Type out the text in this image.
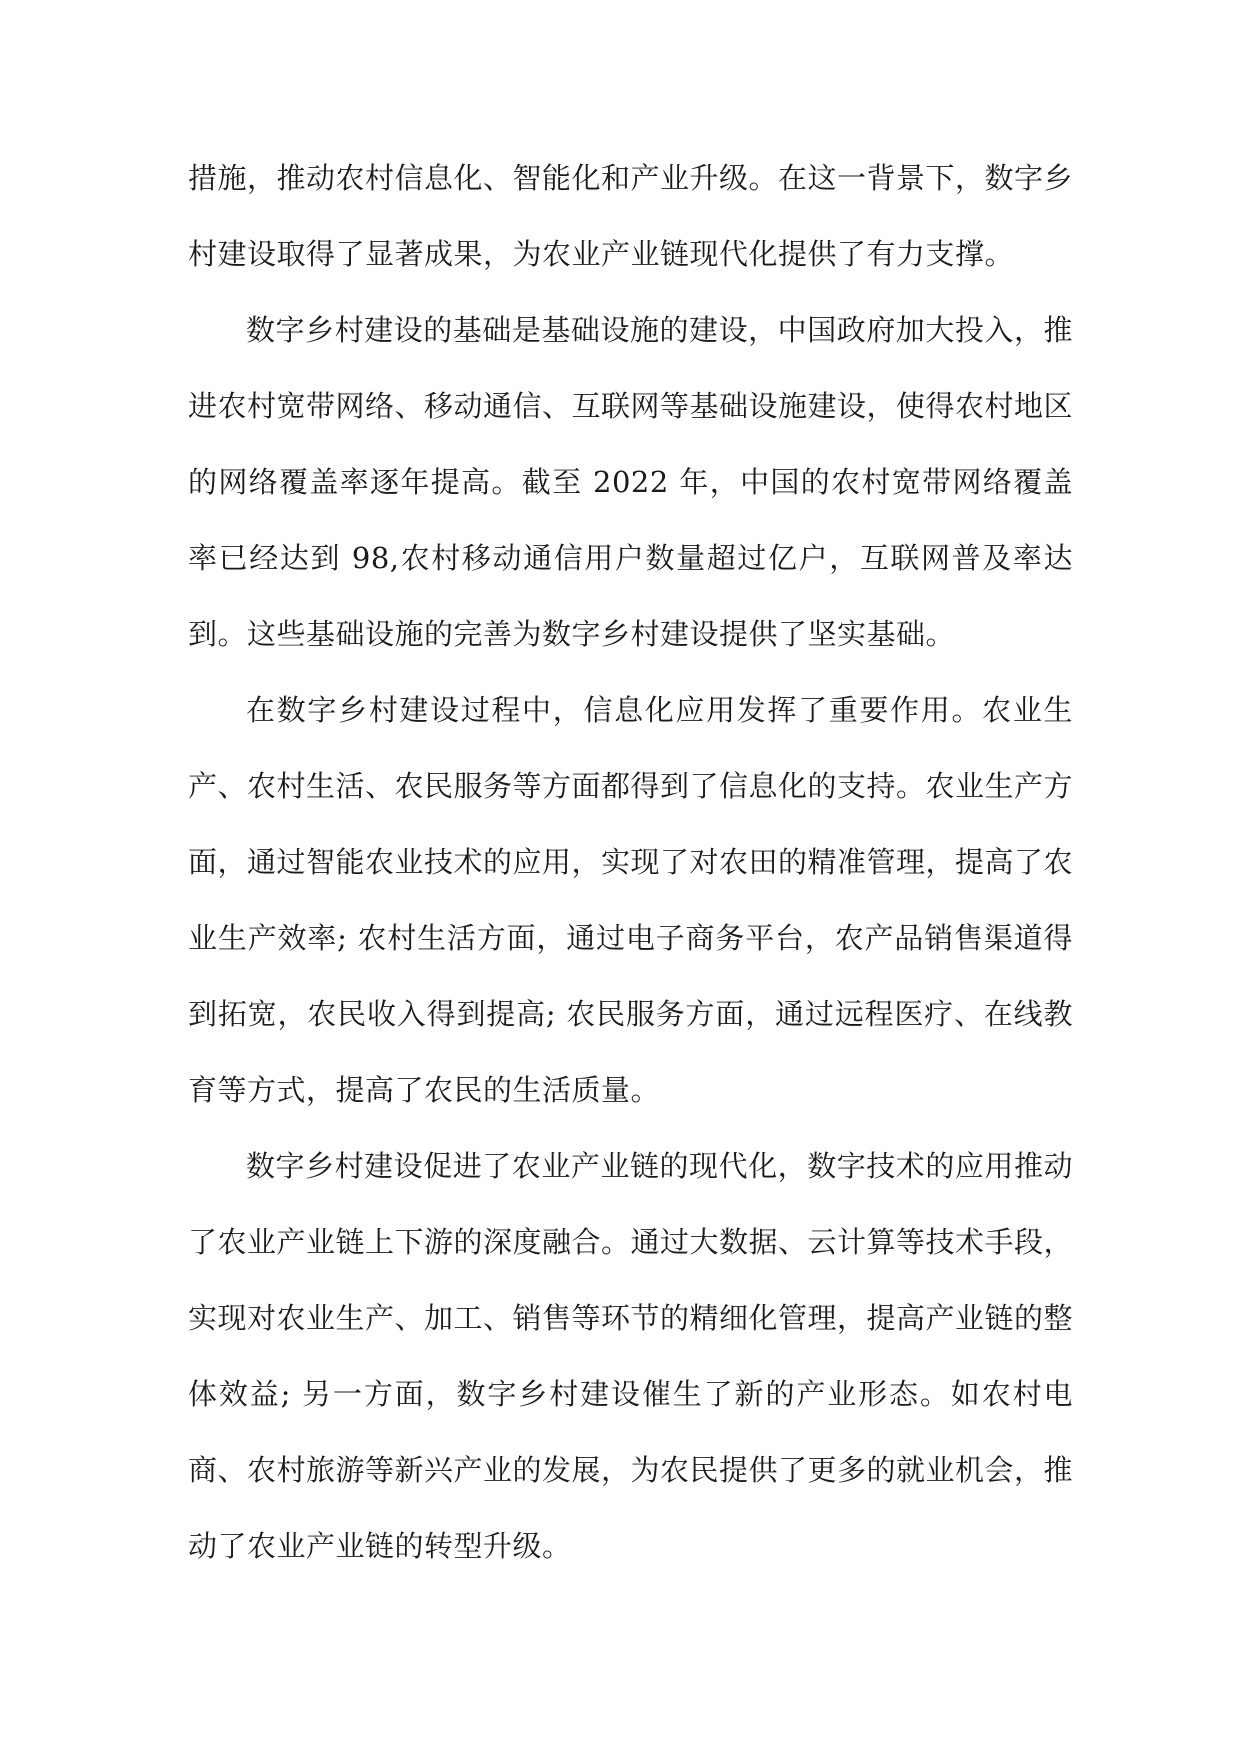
措施，推动农村信息化、智能化和产业升级。在这一背景下，数字乡村建设取得了显著成果，为农业产业链现代化提供了有力支撑。

数字乡村建设的基础是基础设施的建设，中国政府加大投入，推进农村宽带网络、移动通信、互联网等基础设施建设，使得农村地区的网络覆盖率逐年提高。截至 2022 年，中国的农村宽带网络覆盖率已经达到 98,农村移动通信用户数量超过亿户，互联网普及率达到。这些基础设施的完善为数字乡村建设提供了坚实基础。

在数字乡村建设过程中，信息化应用发挥了重要作用。农业生产、农村生活、农民服务等方面都得到了信息化的支持。农业生产方面，通过智能农业技术的应用，实现了对农田的精准管理，提高了农业生产效率; 农村生活方面，通过电子商务平台，农产品销售渠道得到拓宽，农民收入得到提高; 农民服务方面，通过远程医疗、在线教育等方式，提高了农民的生活质量。

数字乡村建设促进了农业产业链的现代化，数字技术的应用推动了农业产业链上下游的深度融合。通过大数据、云计算等技术手段，实现对农业生产、加工、销售等环节的精细化管理，提高产业链的整体效益; 另一方面，数字乡村建设催生了新的产业形态。如农村电商、农村旅游等新兴产业的发展，为农民提供了更多的就业机会，推动了农业产业链的转型升级。
